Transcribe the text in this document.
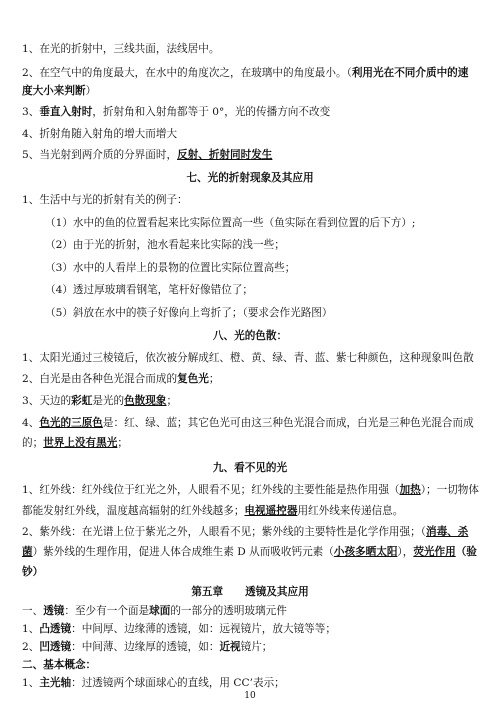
1、在光的折射中，三线共面，法线居中。
2、在空气中的角度最大，在水中的角度次之，在玻璃中的角度最小。（利用光在不同介质中的速
度大小来判断）
3、垂直入射时，折射角和入射角都等于 0°，光的传播方向不改变
4、折射角随入射角的增大而增大
5、当光射到两介质的分界面时，反射、折射同时发生
七、光的折射现象及其应用
1、生活中与光的折射有关的例子：
（1）水中的鱼的位置看起来比实际位置高一些（鱼实际在看到位置的后下方）;
（2）由于光的折射，池水看起来比实际的浅一些；
（3）水中的人看岸上的景物的位置比实际位置高些；
（4）透过厚玻璃看钢笔，笔杆好像错位了；
（5）斜放在水中的筷子好像向上弯折了；（要求会作光路图）
八、光的色散：
1、太阳光通过三棱镜后，依次被分解成红、橙、黄、绿、青、蓝、紫七种颜色，这种现象叫色散
2、白光是由各种色光混合而成的复色光；
3、天边的彩虹是光的色散现象；
4、色光的三原色是：红、绿、蓝；其它色光可由这三种色光混合而成，白光是三种色光混合而成
的；世界上没有黑光；
九、看不见的光
1、红外线：红外线位于红光之外，人眼看不见；红外线的主要性能是热作用强（加热）；一切物体
都能发射红外线，温度越高辐射的红外线越多；电视遥控器用红外线来传递信息。
2、紫外线：在光谱上位于紫光之外，人眼看不见；紫外线的主要特性是化学作用强；（消毒、杀
菌）紫外线的生理作用，促进人体合成维生素 D 从而吸收钙元素（小孩多晒太阳），荧光作用（验
钞）
第五章 透镜及其应用
一、透镜：至少有一个面是球面的一部分的透明玻璃元件
1、凸透镜：中间厚、边缘薄的透镜，如：远视镜片，放大镜等等；
2、凹透镜：中间薄、边缘厚的透镜，如：近视镜片；
二、基本概念：
1、主光轴：过透镜两个球面球心的直线，用 CC’表示；
10
